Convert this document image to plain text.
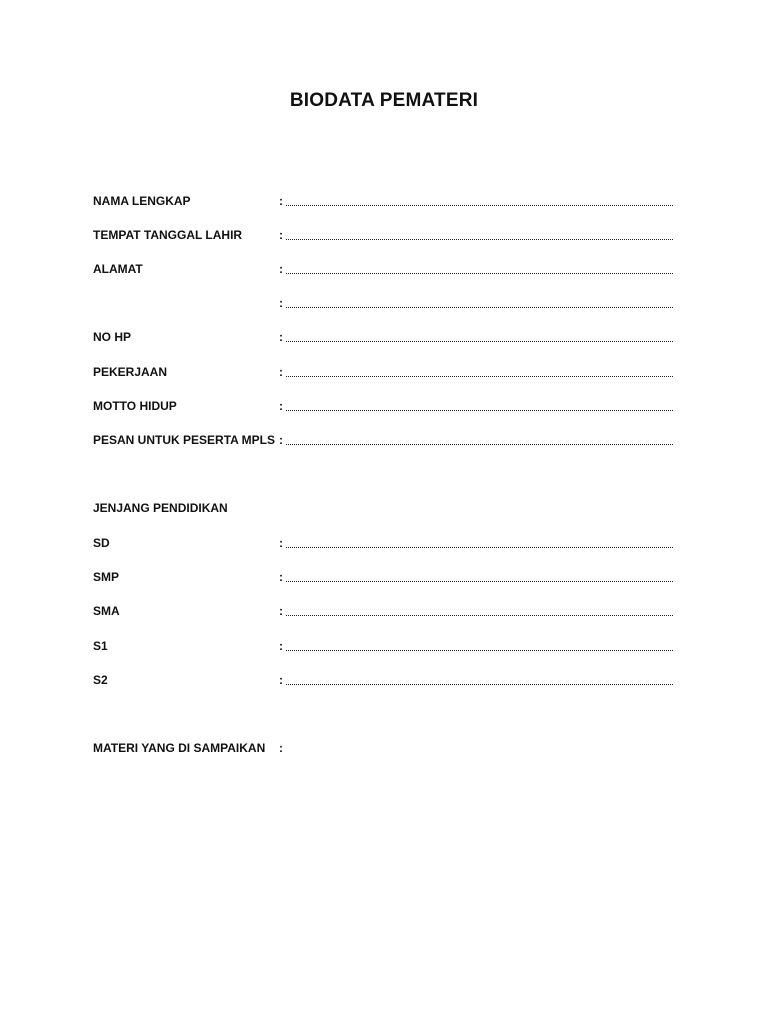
BIODATA PEMATERI
NAMA LENGKAP	:
TEMPAT TANGGAL LAHIR	:
ALAMAT	:
:
NO HP	:
PEKERJAAN	:
MOTTO HIDUP	:
PESAN UNTUK PESERTA MPLS :
JENJANG PENDIDIKAN
SD	:
SMP	:
SMA	:
S1	:
S2	:
MATERI YANG DI SAMPAIKAN :
